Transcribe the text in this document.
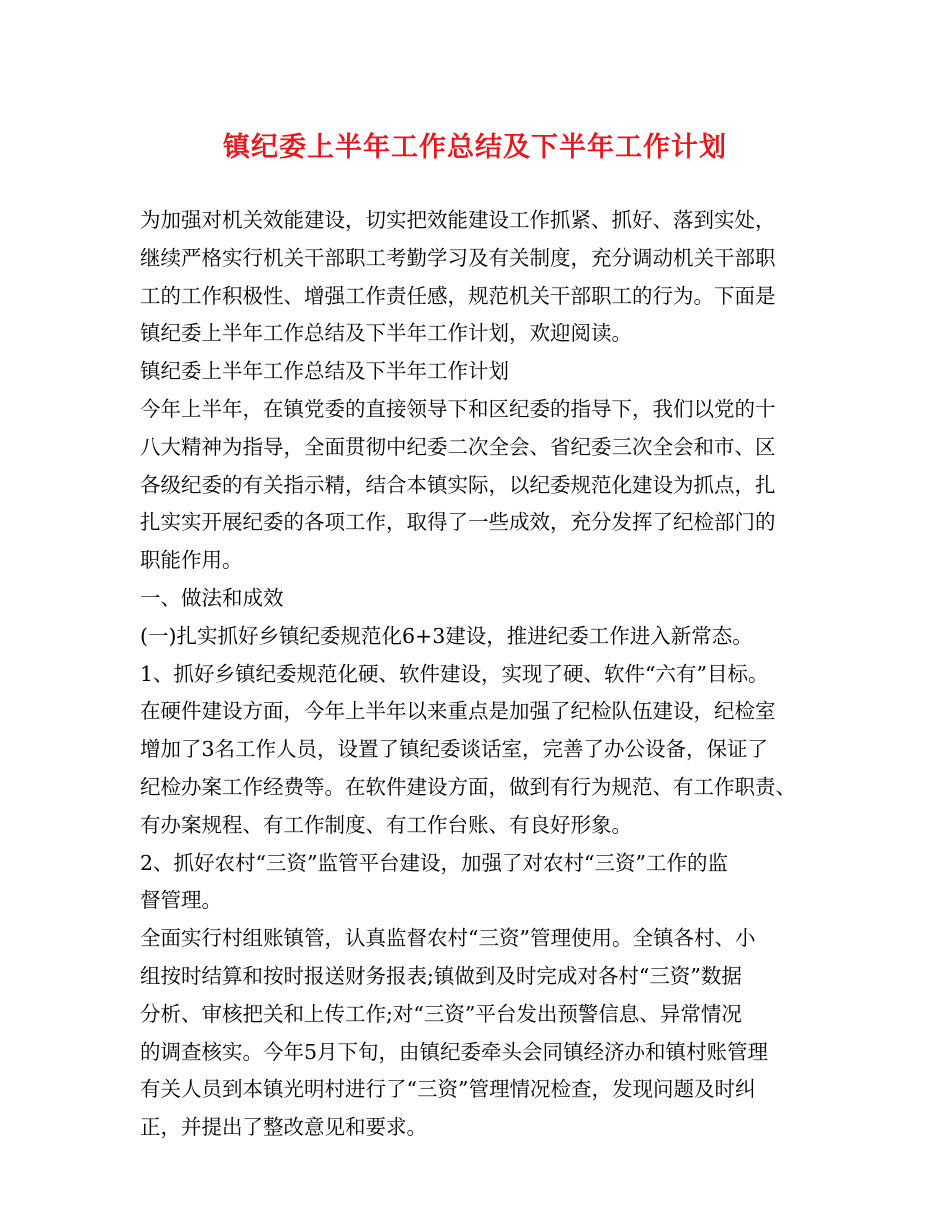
镇纪委上半年工作总结及下半年工作计划
为加强对机关效能建设，切实把效能建设工作抓紧、抓好、落到实处，
继续严格实行机关干部职工考勤学习及有关制度，充分调动机关干部职
工的工作积极性、增强工作责任感，规范机关干部职工的行为。下面是
镇纪委上半年工作总结及下半年工作计划，欢迎阅读。
镇纪委上半年工作总结及下半年工作计划
今年上半年，在镇党委的直接领导下和区纪委的指导下，我们以党的十
八大精神为指导，全面贯彻中纪委二次全会、省纪委三次全会和市、区
各级纪委的有关指示精，结合本镇实际，以纪委规范化建设为抓点，扎
扎实实开展纪委的各项工作，取得了一些成效，充分发挥了纪检部门的
职能作用。
一、做法和成效
(一)扎实抓好乡镇纪委规范化6+3建设，推进纪委工作进入新常态。
1、抓好乡镇纪委规范化硬、软件建设，实现了硬、软件“六有”目标。
在硬件建设方面，今年上半年以来重点是加强了纪检队伍建设，纪检室
增加了3名工作人员，设置了镇纪委谈话室，完善了办公设备，保证了
纪检办案工作经费等。在软件建设方面，做到有行为规范、有工作职责、
有办案规程、有工作制度、有工作台账、有良好形象。
2、抓好农村“三资”监管平台建设，加强了对农村“三资”工作的监
督管理。
全面实行村组账镇管，认真监督农村“三资”管理使用。全镇各村、小
组按时结算和按时报送财务报表;镇做到及时完成对各村“三资”数据
分析、审核把关和上传工作;对“三资”平台发出预警信息、异常情况
的调查核实。今年5月下旬，由镇纪委牵头会同镇经济办和镇村账管理
有关人员到本镇光明村进行了“三资”管理情况检查，发现问题及时纠
正，并提出了整改意见和要求。
